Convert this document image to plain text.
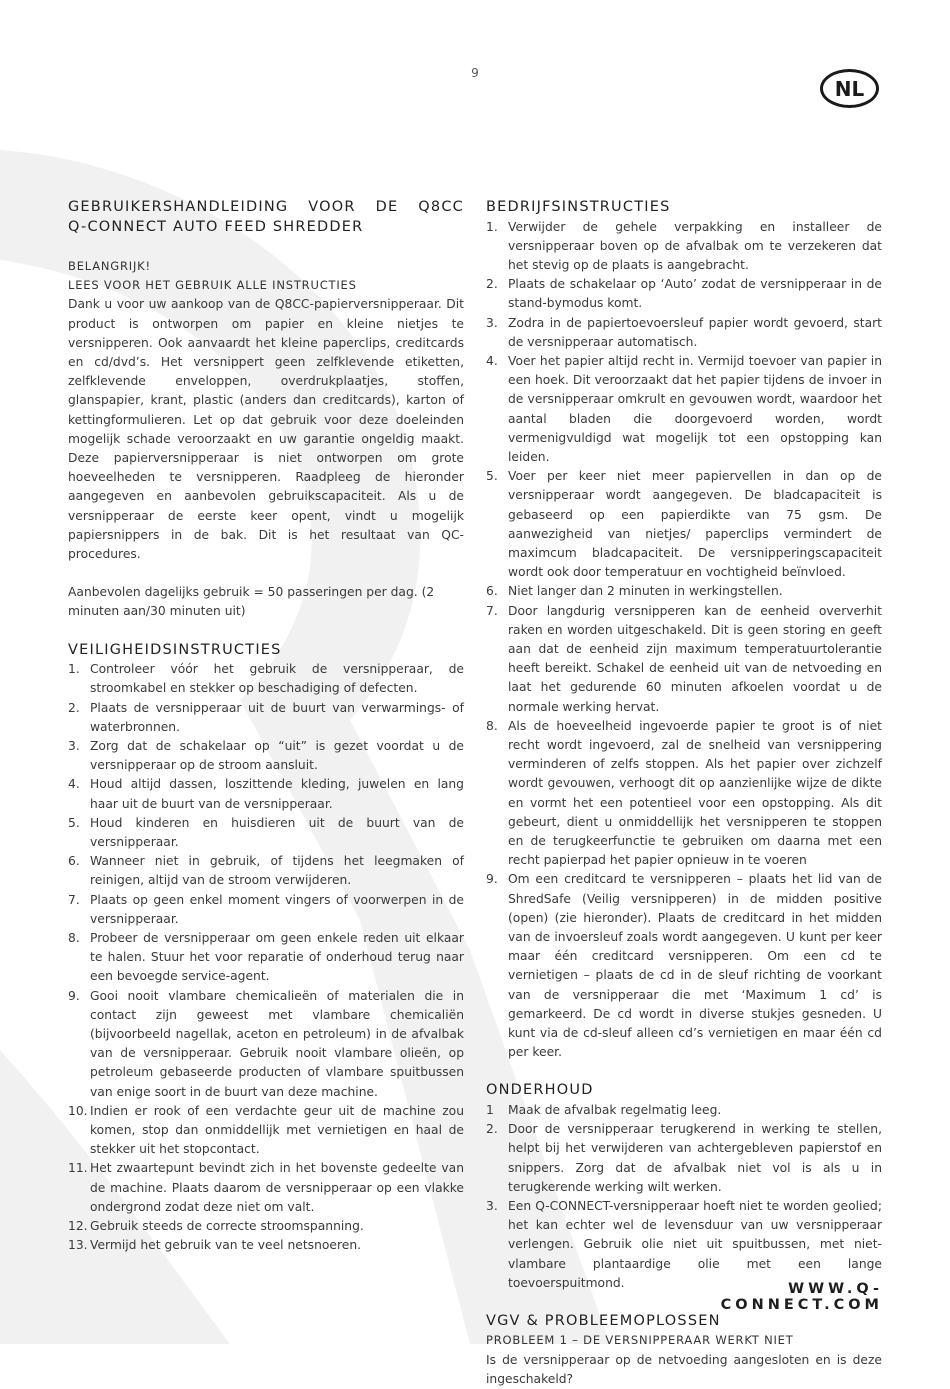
9
NL
GEBRUIKERSHANDLEIDING VOOR DE Q8CC
Q-CONNECT AUTO FEED SHREDDER
BELANGRIJK!
LEES VOOR HET GEBRUIK ALLE INSTRUCTIES

Dank u voor uw aankoop van de Q8CC-papierversnipperaar. Dit product is ontworpen om papier en kleine nietjes te versnipperen. Ook aanvaardt het kleine paperclips, creditcards en cd/dvd’s. Het versnippert geen zelfklevende etiketten, zelfklevende enveloppen, overdrukplaatjes, stoffen, glanspapier, krant, plastic (anders dan creditcards), karton of kettingformulieren. Let op dat gebruik voor deze doeleinden mogelijk schade veroorzaakt en uw garantie ongeldig maakt. Deze papierversnipperaar is niet ontworpen om grote hoeveelheden te versnipperen. Raadpleeg de hieronder aangegeven en aanbevolen gebruikscapaciteit. Als u de versnipperaar de eerste keer opent, vindt u mogelijk papiersnippers in de bak. Dit is het resultaat van QC-procedures.

Aanbevolen dagelijks gebruik = 50 passeringen per dag. (2 minuten aan/30 minuten uit)

VEILIGHEIDSINSTRUCTIES
1. Controleer vóór het gebruik de versnipperaar, de stroomkabel en stekker op beschadiging of defecten.
2. Plaats de versnipperaar uit de buurt van verwarmings- of waterbronnen.
3. Zorg dat de schakelaar op “uit” is gezet voordat u de versnipperaar op de stroom aansluit.
4. Houd altijd dassen, loszittende kleding, juwelen en lang haar uit de buurt van de versnipperaar.
5. Houd kinderen en huisdieren uit de buurt van de versnipperaar.
6. Wanneer niet in gebruik, of tijdens het leegmaken of reinigen, altijd van de stroom verwijderen.
7. Plaats op geen enkel moment vingers of voorwerpen in de versnipperaar.
8. Probeer de versnipperaar om geen enkele reden uit elkaar te halen. Stuur het voor reparatie of onderhoud terug naar een bevoegde service-agent.
9. Gooi nooit vlambare chemicalieën of materialen die in contact zijn geweest met vlambare chemicaliën (bijvoorbeeld nagellak, aceton en petroleum) in de afvalbak van de versnipperaar. Gebruik nooit vlambare olieën, op petroleum gebaseerde producten of vlambare spuitbussen van enige soort in de buurt van deze machine.
10. Indien er rook of een verdachte geur uit de machine zou komen, stop dan onmiddellijk met vernietigen en haal de stekker uit het stopcontact.
11. Het zwaartepunt bevindt zich in het bovenste gedeelte van de machine. Plaats daarom de versnipperaar op een vlakke ondergrond zodat deze niet om valt.
12. Gebruik steeds de correcte stroomspanning.
13. Vermijd het gebruik van te veel netsnoeren.
BEDRIJFSINSTRUCTIES
1. Verwijder de gehele verpakking en installeer de versnipperaar boven op de afvalbak om te verzekeren dat het stevig op de plaats is aangebracht.
2. Plaats de schakelaar op ‘Auto’ zodat de versnipperaar in de stand-bymodus komt.
3. Zodra in de papiertoevoersleuf papier wordt gevoerd, start de versnipperaar automatisch.
4. Voer het papier altijd recht in. Vermijd toevoer van papier in een hoek. Dit veroorzaakt dat het papier tijdens de invoer in de versnipperaar omkrult en gevouwen wordt, waardoor het aantal bladen die doorgevoerd worden, wordt vermenigvuldigd wat mogelijk tot een opstopping kan leiden.
5. Voer per keer niet meer papiervellen in dan op de versnipperaar wordt aangegeven. De bladcapaciteit is gebaseerd op een papierdikte van 75 gsm. De aanwezigheid van nietjes/ paperclips vermindert de maximcum bladcapaciteit. De versnipperingscapaciteit wordt ook door temperatuur en vochtigheid beïnvloed.
6. Niet langer dan 2 minuten in werkingstellen.
7. Door langdurig versnipperen kan de eenheid oververhit raken en worden uitgeschakeld. Dit is geen storing en geeft aan dat de eenheid zijn maximum temperatuurtolerantie heeft bereikt. Schakel de eenheid uit van de netvoeding en laat het gedurende 60 minuten afkoelen voordat u de normale werking hervat.
8. Als de hoeveelheid ingevoerde papier te groot is of niet recht wordt ingevoerd, zal de snelheid van versnippering verminderen of zelfs stoppen. Als het papier over zichzelf wordt gevouwen, verhoogt dit op aanzienlijke wijze de dikte en vormt het een potentieel voor een opstopping. Als dit gebeurt, dient u onmiddellijk het versnipperen te stoppen en de terugkeerfunctie te gebruiken om daarna met een recht papierpad het papier opnieuw in te voeren
9. Om een creditcard te versnipperen – plaats het lid van de ShredSafe (Veilig versnipperen) in de midden positive (open) (zie hieronder). Plaats de creditcard in het midden van de invoersleuf zoals wordt aangegeven. U kunt per keer maar één creditcard versnipperen. Om een cd te vernietigen – plaats de cd in de sleuf richting de voorkant van de versnipperaar die met ‘Maximum 1 cd’ is gemarkeerd. De cd wordt in diverse stukjes gesneden. U kunt via de cd-sleuf alleen cd’s vernietigen en maar één cd per keer.
ONDERHOUD
1	Maak de afvalbak regelmatig leeg.
2. Door de versnipperaar terugkerend in werking te stellen, helpt bij het verwijderen van achtergebleven papierstof en snippers. Zorg dat de afvalbak niet vol is als u in terugkerende werking wilt werken.
3. Een Q-CONNECT-versnipperaar hoeft niet te worden geolied; het kan echter wel de levensduur van uw versnipperaar verlengen. Gebruik olie niet uit spuitbussen, met niet-vlambare plantaardige olie met een lange toevoerspuitmond.
VGV & PROBLEEMOPLOSSEN
PROBLEEM 1 – DE VERSNIPPERAAR WERKT NIET

Is de versnipperaar op de netvoeding aangesloten en is deze ingeschakeld?

WWW.Q-CONNECT.COM
